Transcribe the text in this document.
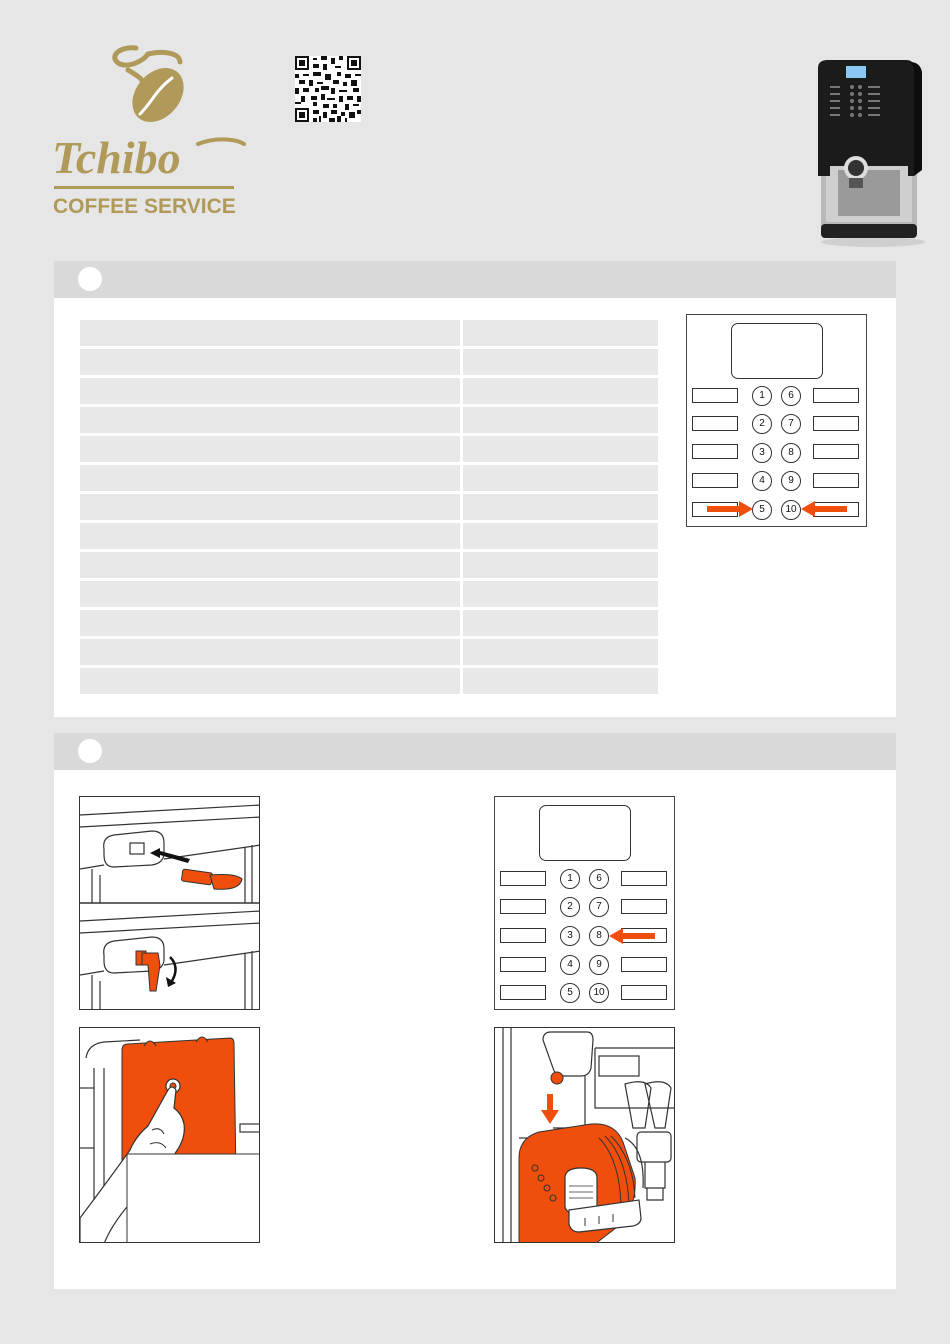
Tchibo
COFFEE SERVICE

1	6
2	7
3	8
4	9
5	10
1	6
2	7
3	8
4	9
5	10
